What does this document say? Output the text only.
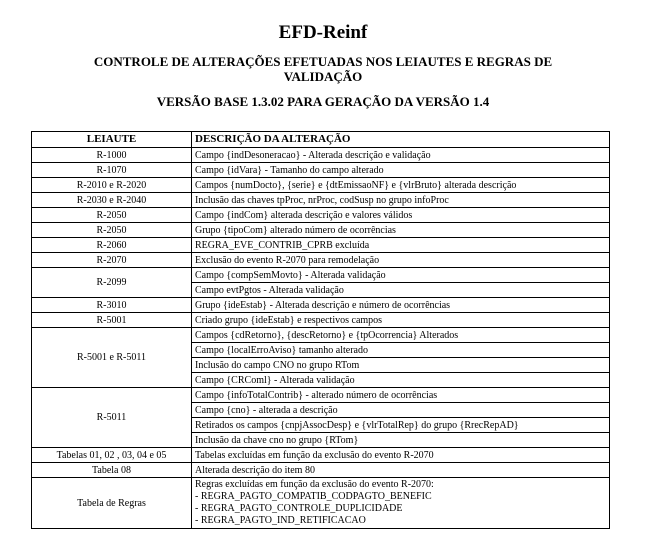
EFD-Reinf
CONTROLE DE ALTERAÇÕES EFETUADAS NOS LEIAUTES E REGRAS DE VALIDAÇÃO
VERSÃO BASE 1.3.02 PARA GERAÇÃO DA VERSÃO 1.4
LEIAUTE	DESCRIÇÃO DA ALTERAÇÃO
R-1000	Campo {indDesoneracao} - Alterada descrição e validação
R-1070	Campo {idVara} - Tamanho do campo alterado
R-2010 e R-2020	Campos {numDocto}, {serie} e {dtEmissaoNF} e {vlrBruto} alterada descrição
R-2030 e R-2040	Inclusão das chaves tpProc, nrProc, codSusp no grupo infoProc
R-2050	Campo {indCom} alterada descrição e valores válidos
R-2050	Grupo {tipoCom} alterado número de ocorrências
R-2060	REGRA_EVE_CONTRIB_CPRB excluída
R-2070	Exclusão do evento R-2070 para remodelação
R-2099	Campo {compSemMovto} - Alterada validação
	Campo evtPgtos - Alterada validação
R-3010	Grupo {ideEstab} - Alterada descrição e número de ocorrências
R-5001	Criado grupo {ideEstab} e respectivos campos
R-5001 e R-5011	Campos {cdRetorno}, {descRetorno} e {tpOcorrencia} Alterados
	Campo {localErroAviso} tamanho alterado
	Inclusão do campo CNO no grupo RTom
	Campo {CRComl} - Alterada validação
R-5011	Campo {infoTotalContrib} - alterado número de ocorrências
	Campo {cno} - alterada a descrição
	Retirados os campos {cnpjAssocDesp} e {vlrTotalRep} do grupo {RrecRepAD}
	Inclusão da chave cno no grupo {RTom}
Tabelas 01, 02 , 03, 04 e 05	Tabelas excluídas em função da exclusão do evento R-2070
Tabela 08	Alterada descrição do item 80
Tabela de Regras	Regras excluídas em função da exclusão do evento R-2070:
- REGRA_PAGTO_COMPATIB_CODPAGTO_BENEFIC
- REGRA_PAGTO_CONTROLE_DUPLICIDADE
- REGRA_PAGTO_IND_RETIFICACAO
